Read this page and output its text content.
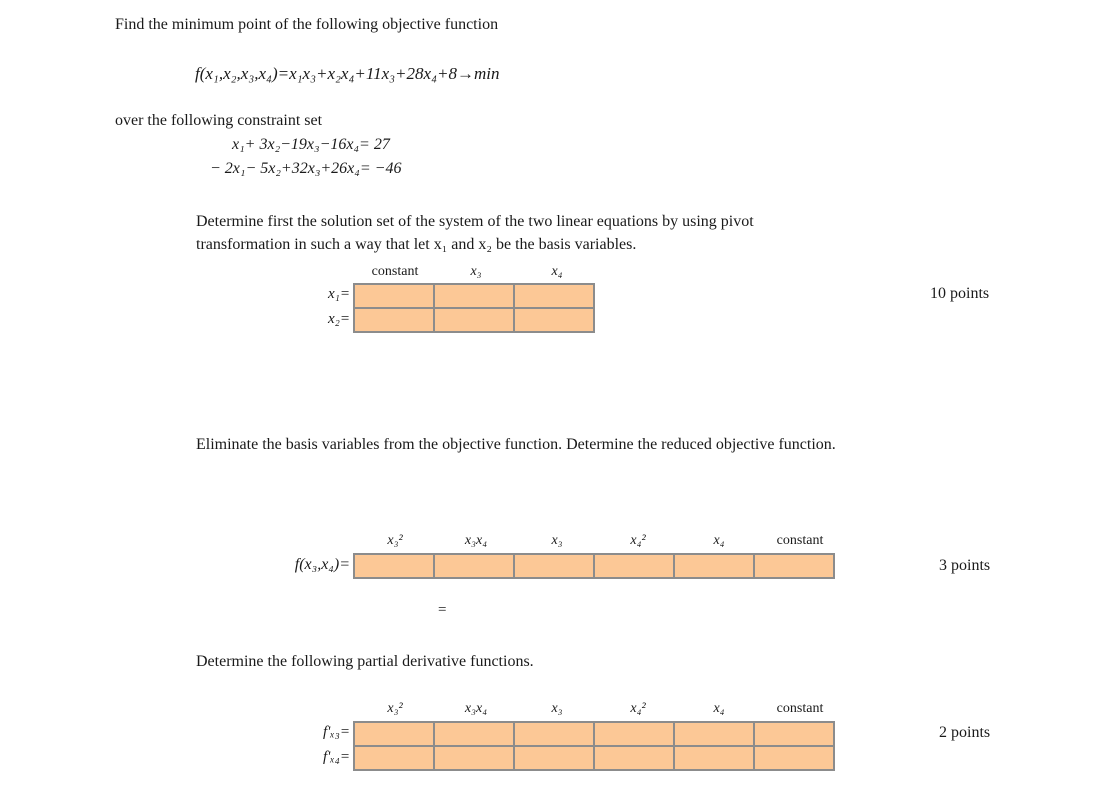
Find the minimum point of the following objective function
f(x₁,x₂,x₃,x₄)=x₁x₃+x₂x₄+11x₃+28x₄+8→min
over the following constraint set
x₁+ 3x₂−19x₃−16x₄= 27
− 2x₁− 5x₂+32x₃+26x₄= −46
Determine first the solution set of the system of the two linear equations by using pivot
transformation in such a way that let x₁ and x₂ be the basis variables.
constant	x₃	x₄
x₁=
x₂=

10 points
Eliminate the basis variables from the objective function. Determine the reduced objective function.
x₃²	x₃x₄	x₃	x₄²	x₄	constant
f(x₃,x₄)=
						3 points
=
Determine the following partial derivative functions.
x₃²	x₃x₄	x₃	x₄²	x₄	constant
f'ₓ₃=
f'ₓ₄=

2 points
